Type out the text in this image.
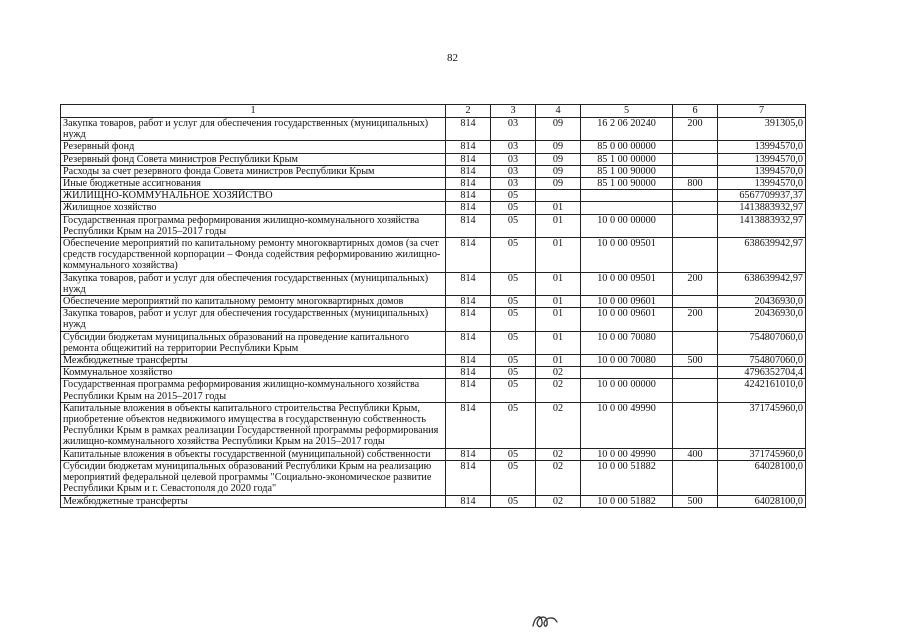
82
1	2	3	4	5	6	7
Закупка товаров, работ и услуг для обеспечения государственных (муниципальных) нужд	814	03	09	16 2 06 20240	200	391305,0
Резервный фонд	814	03	09	85 0 00 00000		13994570,0
Резервный фонд Совета министров Республики Крым	814	03	09	85 1 00 00000		13994570,0
Расходы за счет резервного фонда Совета министров Республики Крым	814	03	09	85 1 00 90000		13994570,0
Иные бюджетные ассигнования	814	03	09	85 1 00 90000	800	13994570,0
ЖИЛИЩНО-КОММУНАЛЬНОЕ ХОЗЯЙСТВО	814	05				6567709937,37
Жилищное хозяйство	814	05	01			1413883932,97
Государственная программа реформирования жилищно-коммунального хозяйства Республики Крым на 2015–2017 годы	814	05	01	10 0 00 00000		1413883932,97
Обеспечение мероприятий по капитальному ремонту многоквартирных домов (за счет средств государственной корпорации – Фонда содействия реформированию жилищно-коммунального хозяйства)	814	05	01	10 0 00 09501		638639942,97
Закупка товаров, работ и услуг для обеспечения государственных (муниципальных) нужд	814	05	01	10 0 00 09501	200	638639942,97
Обеспечение мероприятий по капитальному ремонту многоквартирных домов	814	05	01	10 0 00 09601		20436930,0
Закупка товаров, работ и услуг для обеспечения государственных (муниципальных) нужд	814	05	01	10 0 00 09601	200	20436930,0
Субсидии бюджетам муниципальных образований на проведение капитального ремонта общежитий на территории Республики Крым	814	05	01	10 0 00 70080		754807060,0
Межбюджетные трансферты	814	05	01	10 0 00 70080	500	754807060,0
Коммунальное хозяйство	814	05	02			4796352704,4
Государственная программа реформирования жилищно-коммунального хозяйства Республики Крым на 2015–2017 годы	814	05	02	10 0 00 00000		4242161010,0
Капитальные вложения в объекты капитального строительства Республики Крым, приобретение объектов недвижимого имущества в государственную собственность Республики Крым в рамках реализации Государственной программы реформирования жилищно-коммунального хозяйства Республики Крым на 2015–2017 годы	814	05	02	10 0 00 49990		371745960,0
Капитальные вложения в объекты государственной (муниципальной) собственности	814	05	02	10 0 00 49990	400	371745960,0
Субсидии бюджетам муниципальных образований Республики Крым на реализацию мероприятий федеральной целевой программы "Социально-экономическое развитие Республики Крым и г. Севастополя до 2020 года"	814	05	02	10 0 00 51882		64028100,0
Межбюджетные трансферты	814	05	02	10 0 00 51882	500	64028100,0
